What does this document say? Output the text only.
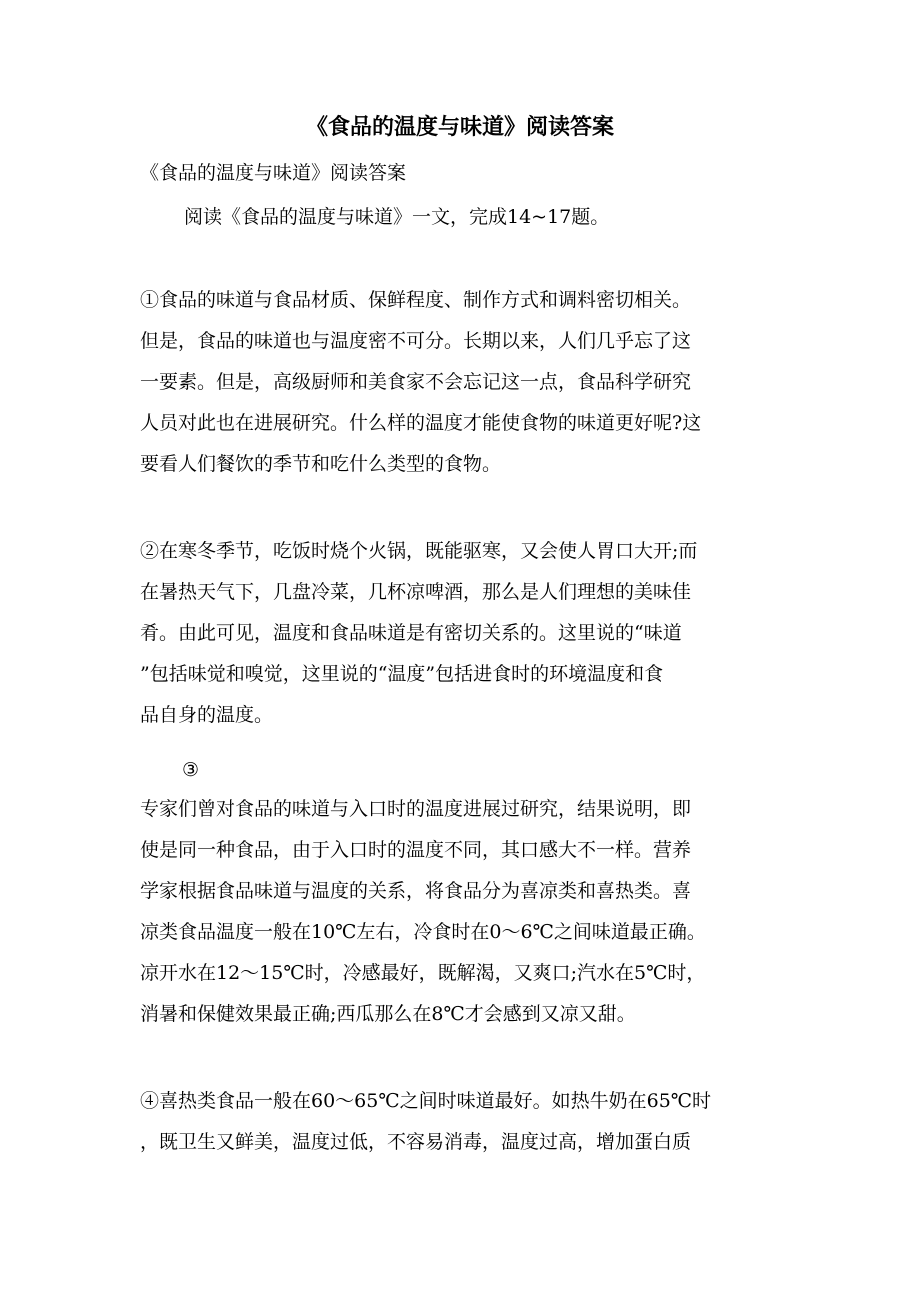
《食品的温度与味道》阅读答案
《食品的温度与味道》阅读答案
阅读《食品的温度与味道》一文，完成14~17题。
①食品的味道与食品材质、保鲜程度、制作方式和调料密切相关。
但是，食品的味道也与温度密不可分。长期以来，人们几乎忘了这
一要素。但是，高级厨师和美食家不会忘记这一点，食品科学研究
人员对此也在进展研究。什么样的温度才能使食物的味道更好呢?这
要看人们餐饮的季节和吃什么类型的食物。
②在寒冬季节，吃饭时烧个火锅，既能驱寒，又会使人胃口大开;而
在暑热天气下，几盘冷菜，几杯凉啤酒，那么是人们理想的美味佳
肴。由此可见，温度和食品味道是有密切关系的。这里说的“味道
”包括味觉和嗅觉，这里说的“温度”包括进食时的环境温度和食
品自身的温度。
③
专家们曾对食品的味道与入口时的温度进展过研究，结果说明，即
使是同一种食品，由于入口时的温度不同，其口感大不一样。营养
学家根据食品味道与温度的关系，将食品分为喜凉类和喜热类。喜
凉类食品温度一般在10℃左右，冷食时在0～6℃之间味道最正确。
凉开水在12～15℃时，冷感最好，既解渴，又爽口;汽水在5℃时，
消暑和保健效果最正确;西瓜那么在8℃才会感到又凉又甜。
④喜热类食品一般在60～65℃之间时味道最好。如热牛奶在65℃时
，既卫生又鲜美，温度过低，不容易消毒，温度过高，增加蛋白质
